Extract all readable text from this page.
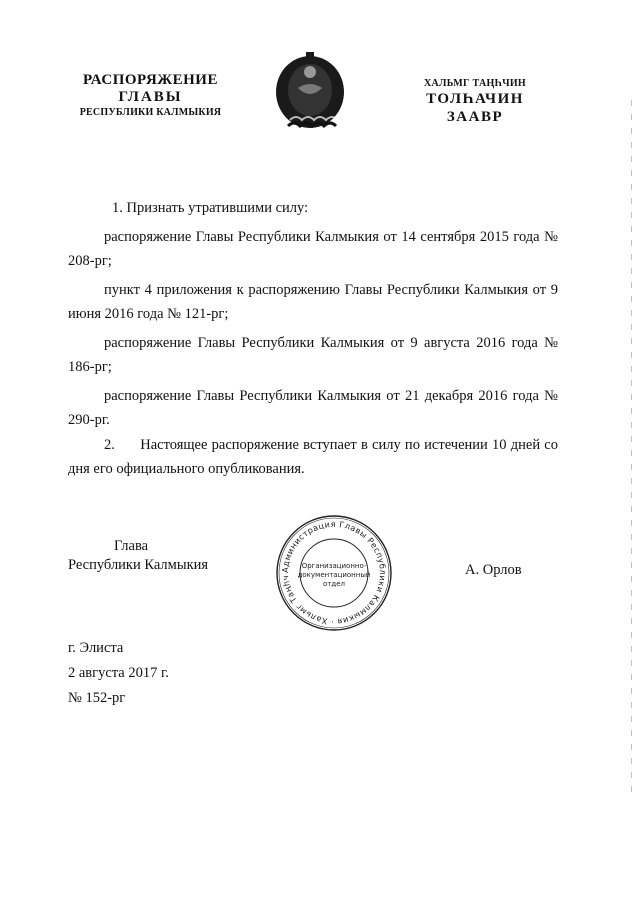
РАСПОРЯЖЕНИЕ
ГЛАВЫ
РЕСПУБЛИКИ КАЛМЫКИЯ
ХАЛЬМГ ТАҢҺЧИН
ТОЛҺАЧИН
ЗААВР

1. Признать утратившими силу:

распоряжение Главы Республики Калмыкия от 14 сентября 2015 года № 208-рг;

пункт 4 приложения к распоряжению Главы Республики Калмыкия от 9 июня 2016 года № 121-рг;

распоряжение Главы Республики Калмыкия от 9 августа 2016 года № 186-рг;

распоряжение Главы Республики Калмыкия от 21 декабря 2016 года № 290-рг.

2.      Настоящее распоряжение вступает в силу по истечении 10 дней со дня его официального опубликования.

Глава
Республики Калмыкия	Администрация Главы Республики Калмыкия · Хальмг Таңһч
Организационно-
документационный
отдел
А. Орлов
г. Элиста
2 августа 2017 г.
№ 152-рг
